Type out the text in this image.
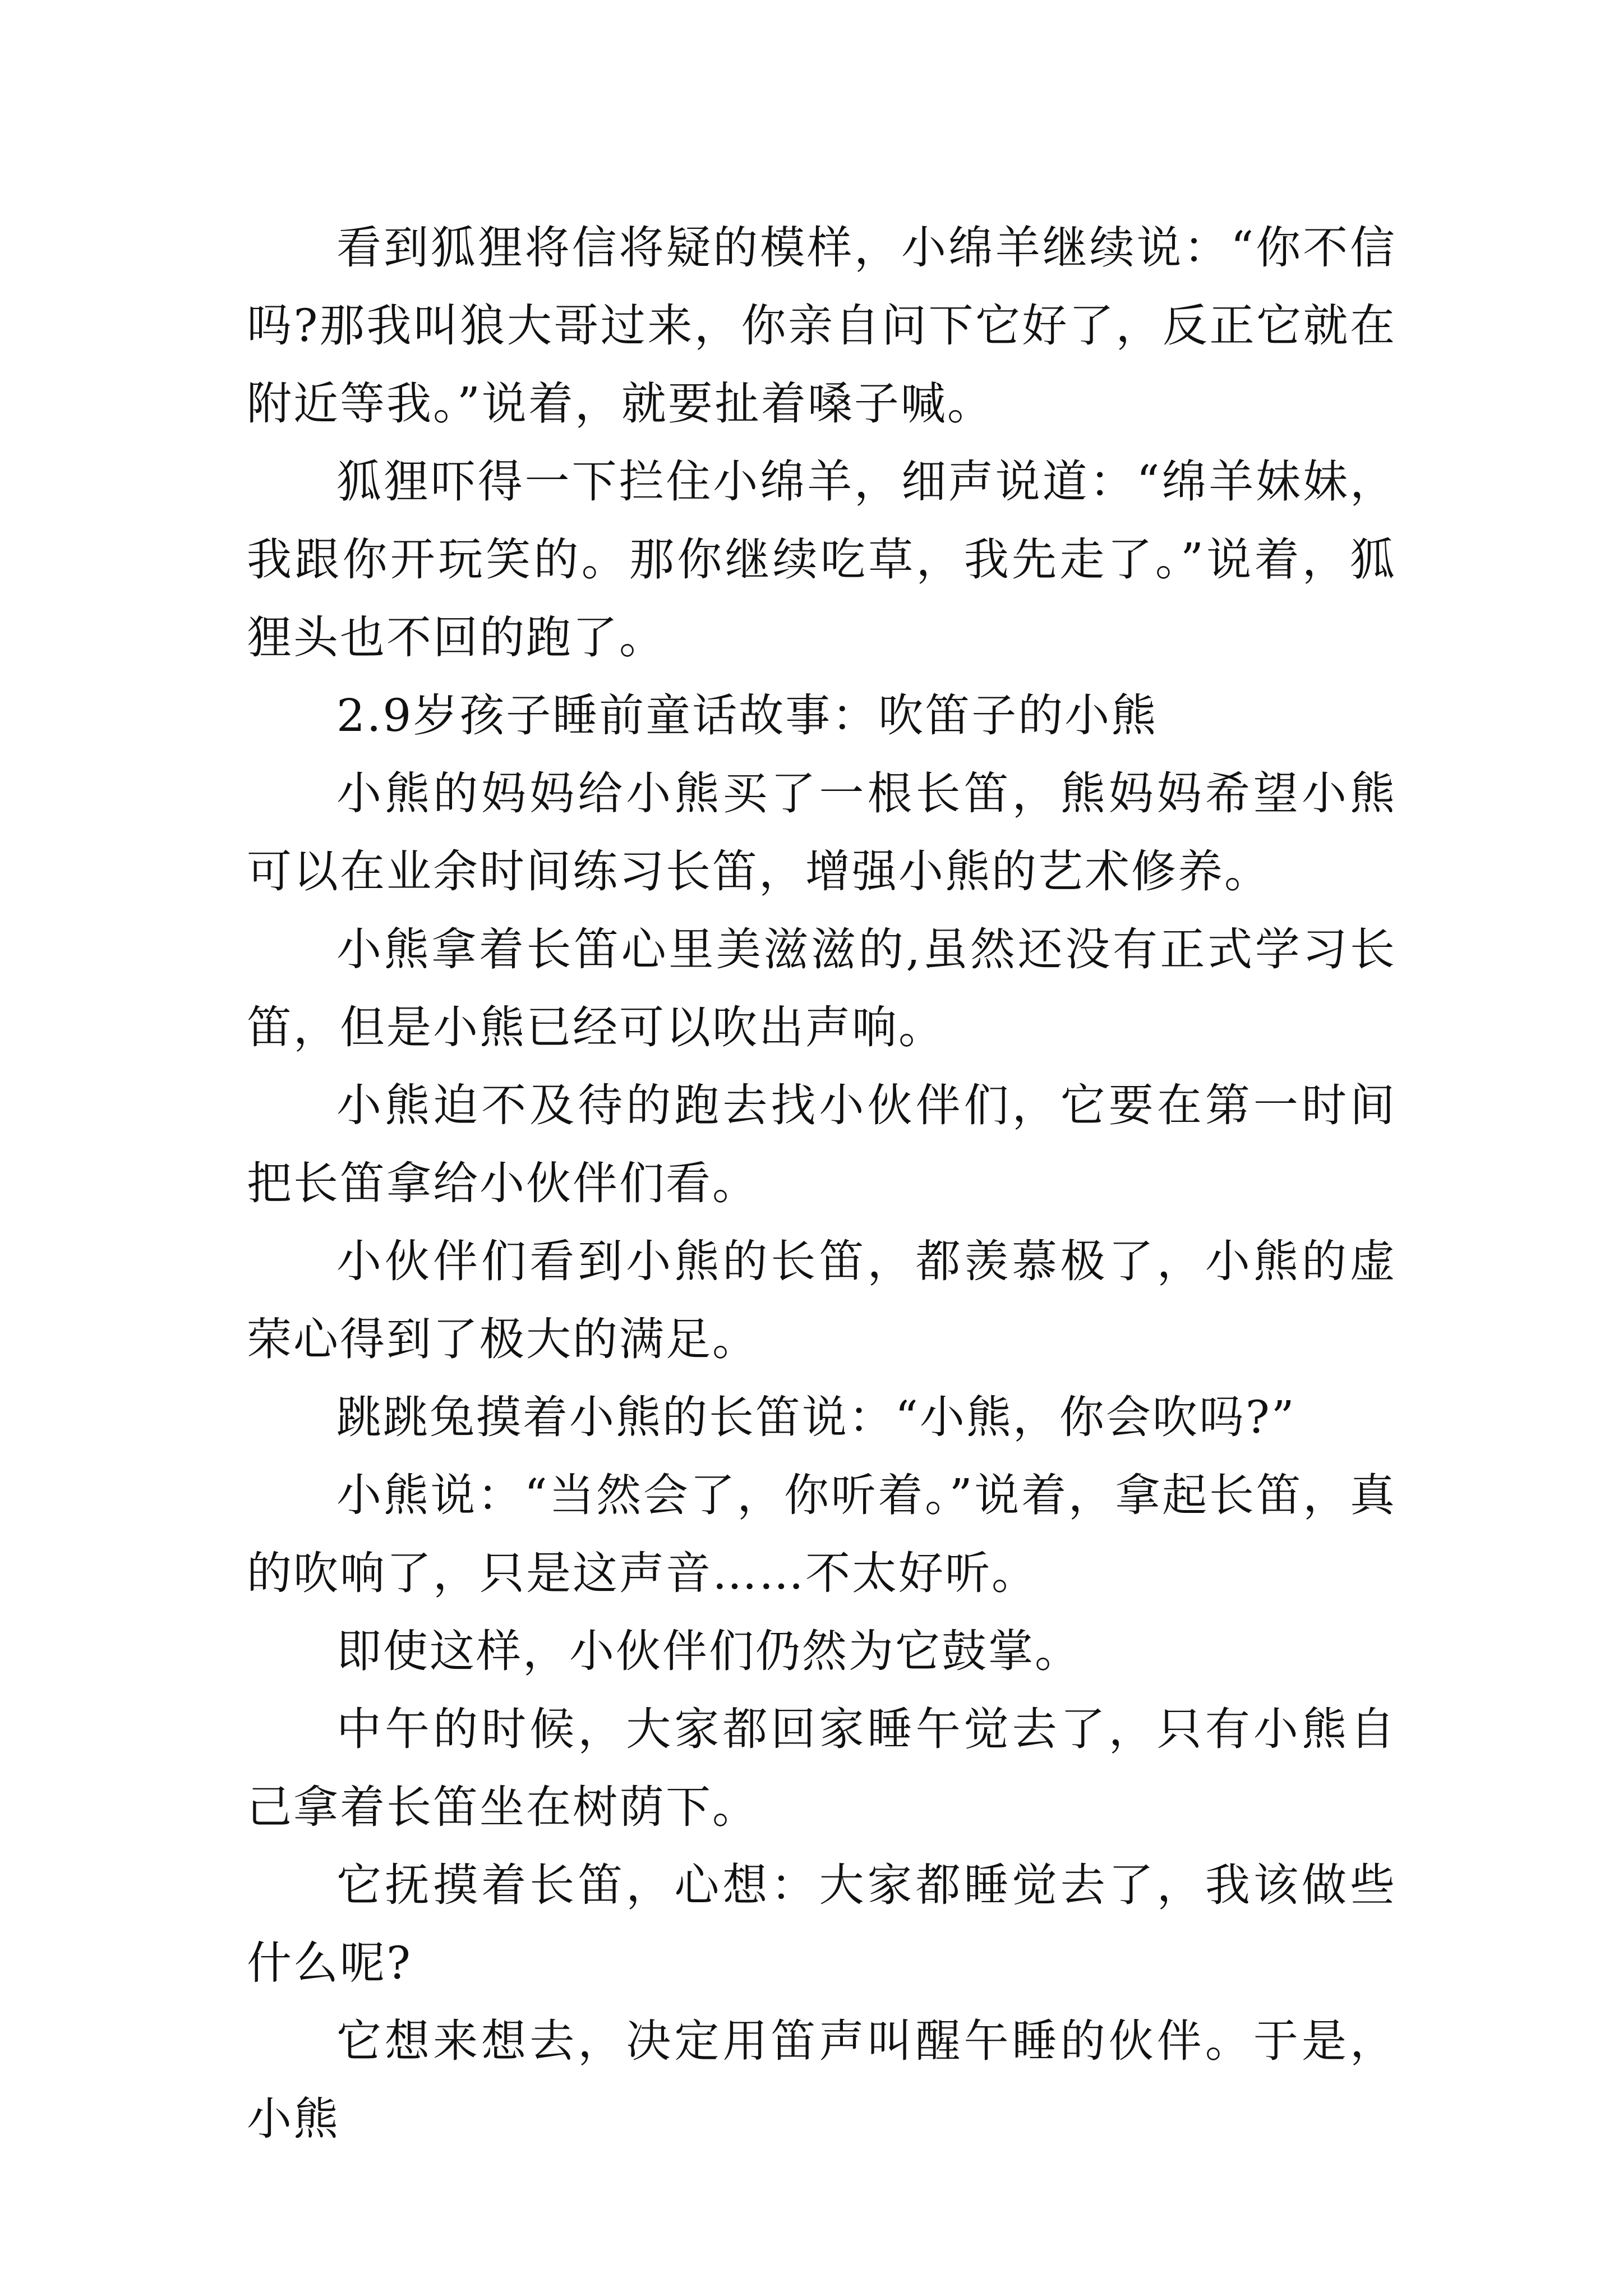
看到狐狸将信将疑的模样，小绵羊继续说：“你不信吗?那我叫狼大哥过来，你亲自问下它好了，反正它就在附近等我。”说着，就要扯着嗓子喊。

狐狸吓得一下拦住小绵羊，细声说道：“绵羊妹妹，我跟你开玩笑的。那你继续吃草，我先走了。”说着，狐狸头也不回的跑了。

2.9岁孩子睡前童话故事：吹笛子的小熊

小熊的妈妈给小熊买了一根长笛，熊妈妈希望小熊可以在业余时间练习长笛，增强小熊的艺术修养。

小熊拿着长笛心里美滋滋的,虽然还没有正式学习长笛，但是小熊已经可以吹出声响。

小熊迫不及待的跑去找小伙伴们，它要在第一时间把长笛拿给小伙伴们看。

小伙伴们看到小熊的长笛，都羡慕极了，小熊的虚荣心得到了极大的满足。

跳跳兔摸着小熊的长笛说：“小熊，你会吹吗?”

小熊说：“当然会了，你听着。”说着，拿起长笛，真的吹响了，只是这声音……不太好听。

即使这样，小伙伴们仍然为它鼓掌。

中午的时候，大家都回家睡午觉去了，只有小熊自己拿着长笛坐在树荫下。

它抚摸着长笛，心想：大家都睡觉去了，我该做些什么呢?

它想来想去，决定用笛声叫醒午睡的伙伴。于是，小熊
